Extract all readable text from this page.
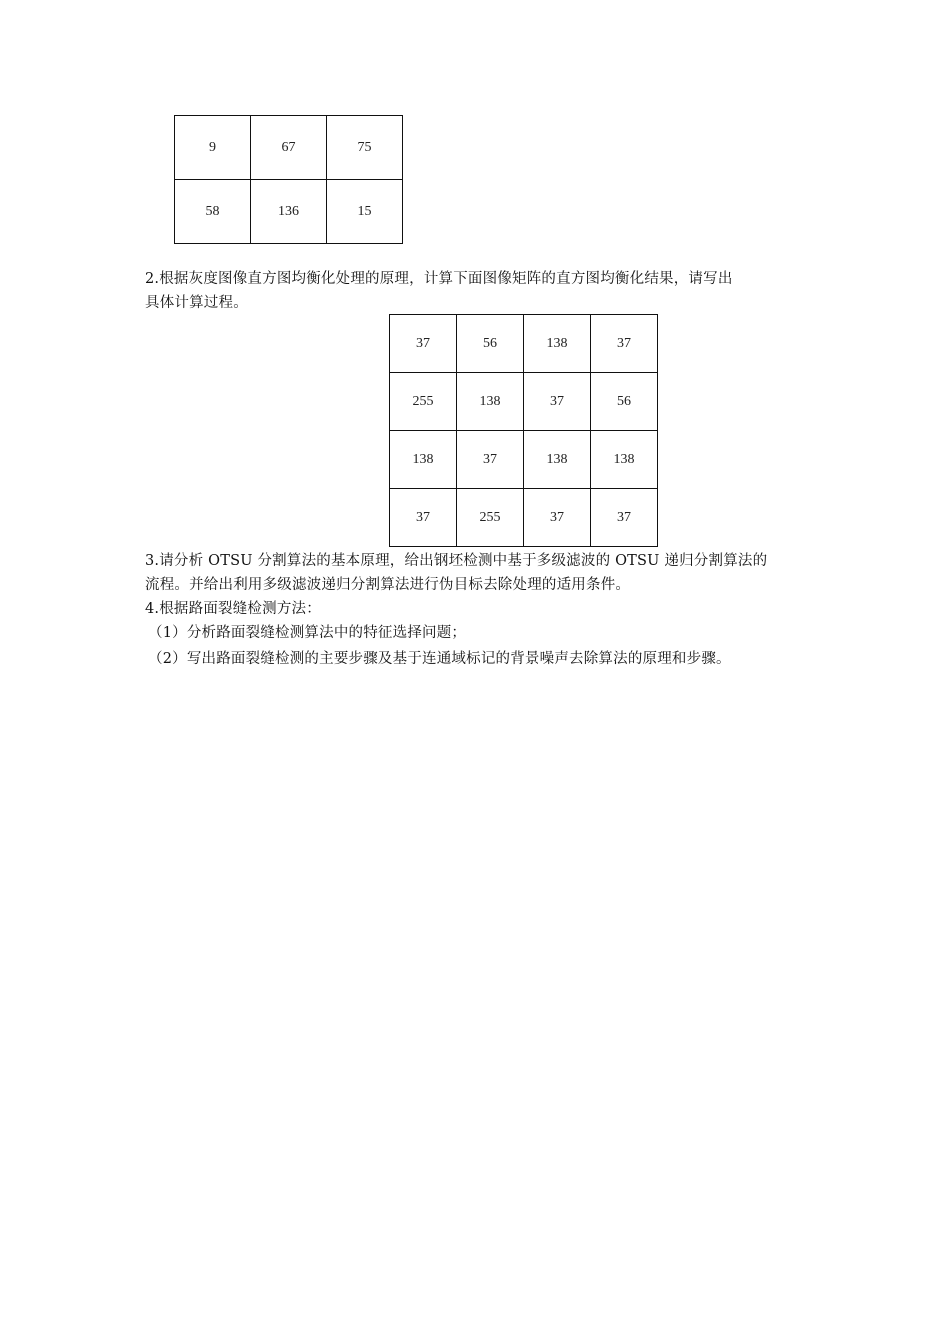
9	67	75
58	136	15

2.根据灰度图像直方图均衡化处理的原理，计算下面图像矩阵的直方图均衡化结果，请写出

具体计算过程。

37	56	138	37
255	138	37	56
138	37	138	138
37	255	37	37

3.请分析 OTSU 分割算法的基本原理，给出钢坯检测中基于多级滤波的 OTSU 递归分割算法的

流程。并给出利用多级滤波递归分割算法进行伪目标去除处理的适用条件。

4.根据路面裂缝检测方法：

（1）分析路面裂缝检测算法中的特征选择问题；

（2）写出路面裂缝检测的主要步骤及基于连通域标记的背景噪声去除算法的原理和步骤。
